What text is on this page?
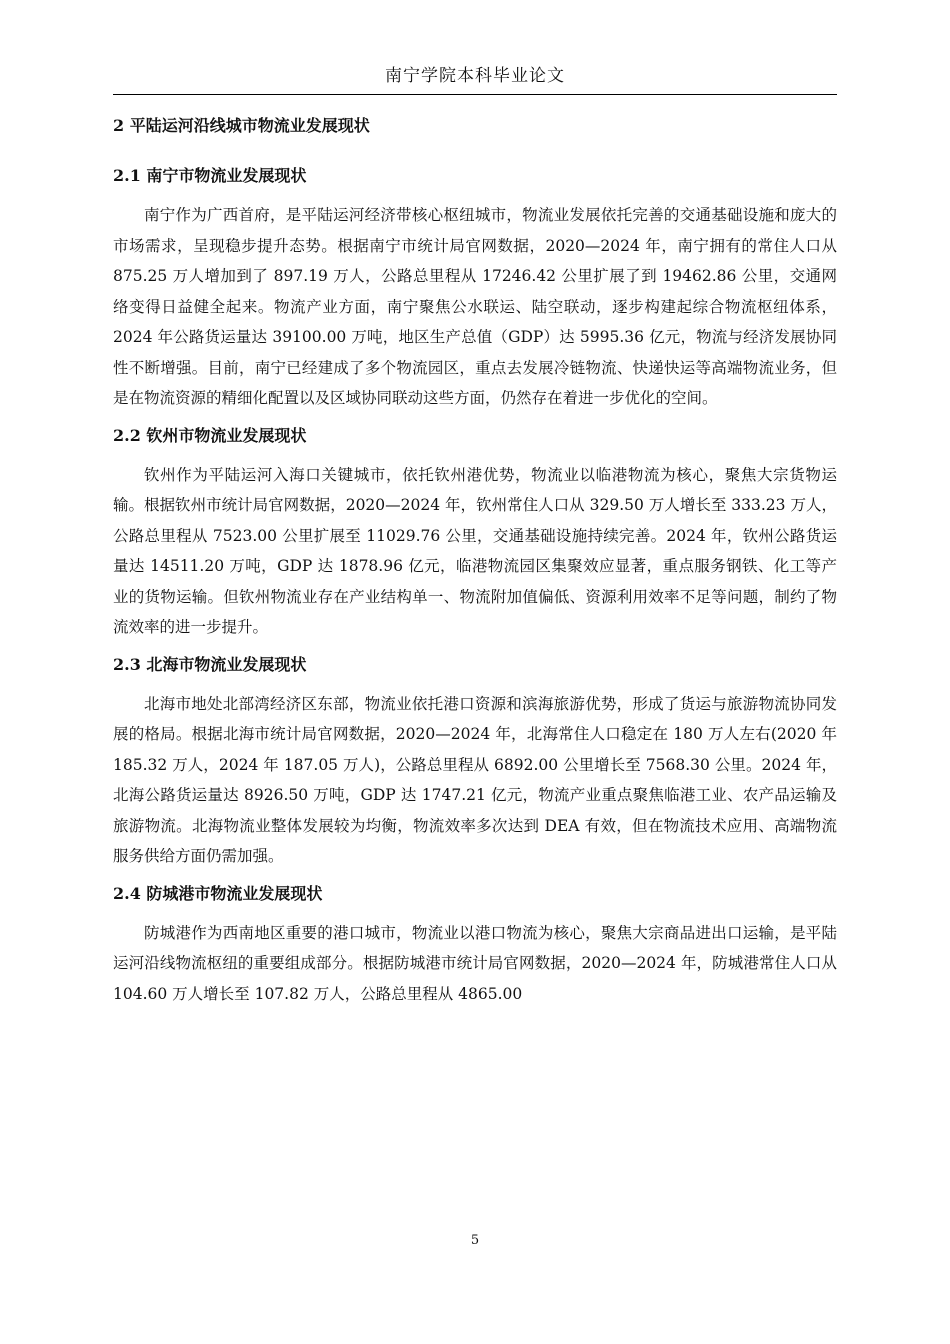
南宁学院本科毕业论文
2 平陆运河沿线城市物流业发展现状
2.1 南宁市物流业发展现状

南宁作为广西首府，是平陆运河经济带核心枢纽城市，物流业发展依托完善的交通基础设施和庞大的市场需求，呈现稳步提升态势。根据南宁市统计局官网数据，2020—2024 年，南宁拥有的常住人口从 875.25 万人增加到了 897.19 万人，公路总里程从 17246.42 公里扩展了到 19462.86 公里，交通网络变得日益健全起来。物流产业方面，南宁聚焦公水联运、陆空联动，逐步构建起综合物流枢纽体系，2024 年公路货运量达 39100.00 万吨，地区生产总值（GDP）达 5995.36 亿元，物流与经济发展协同性不断增强。目前，南宁已经建成了多个物流园区，重点去发展冷链物流、快递快运等高端物流业务，但是在物流资源的精细化配置以及区域协同联动这些方面，仍然存在着进一步优化的空间。

2.2 钦州市物流业发展现状

钦州作为平陆运河入海口关键城市，依托钦州港优势，物流业以临港物流为核心，聚焦大宗货物运输。根据钦州市统计局官网数据，2020—2024 年，钦州常住人口从 329.50 万人增长至 333.23 万人，公路总里程从 7523.00 公里扩展至 11029.76 公里，交通基础设施持续完善。2024 年，钦州公路货运量达 14511.20 万吨，GDP 达 1878.96 亿元，临港物流园区集聚效应显著，重点服务钢铁、化工等产业的货物运输。但钦州物流业存在产业结构单一、物流附加值偏低、资源利用效率不足等问题，制约了物流效率的进一步提升。

2.3 北海市物流业发展现状

北海市地处北部湾经济区东部，物流业依托港口资源和滨海旅游优势，形成了货运与旅游物流协同发展的格局。根据北海市统计局官网数据，2020—2024 年，北海常住人口稳定在 180 万人左右(2020 年 185.32 万人，2024 年 187.05 万人)，公路总里程从 6892.00 公里增长至 7568.30 公里。2024 年，北海公路货运量达 8926.50 万吨，GDP 达 1747.21 亿元，物流产业重点聚焦临港工业、农产品运输及旅游物流。北海物流业整体发展较为均衡，物流效率多次达到 DEA 有效，但在物流技术应用、高端物流服务供给方面仍需加强。

2.4 防城港市物流业发展现状

防城港作为西南地区重要的港口城市，物流业以港口物流为核心，聚焦大宗商品进出口运输，是平陆运河沿线物流枢纽的重要组成部分。根据防城港市统计局官网数据，2020—2024 年，防城港常住人口从 104.60 万人增长至 107.82 万人，公路总里程从 4865.00

5
